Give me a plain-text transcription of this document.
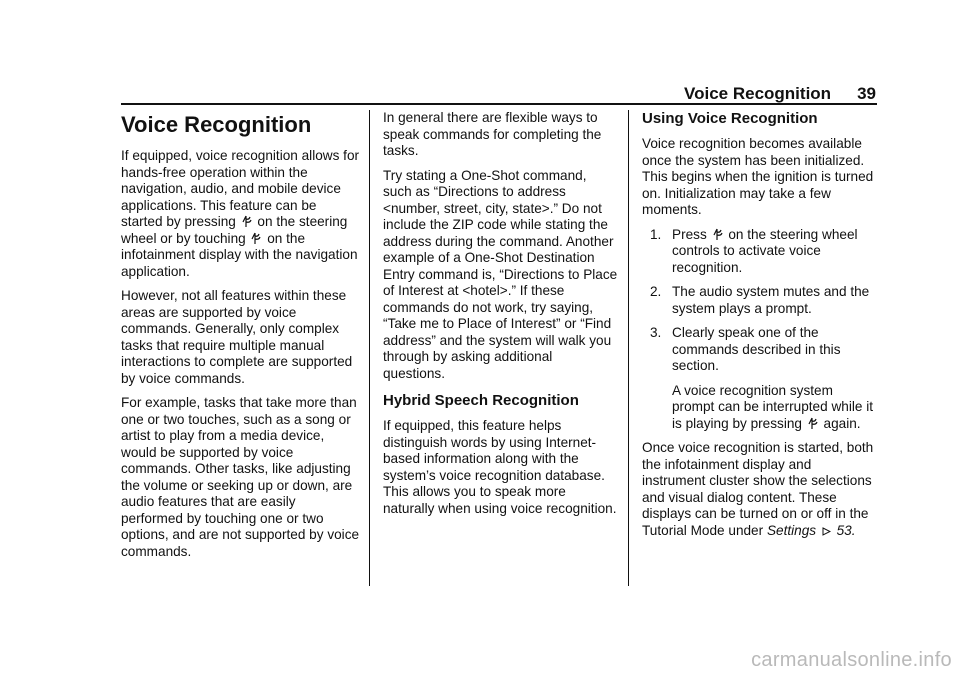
Voice Recognition 39
Voice Recognition

If equipped, voice recognition allows for hands-free operation within the navigation, audio, and mobile device applications. This feature can be started by pressing on the steering wheel or by touching on the infotainment display with the navigation application.

However, not all features within these areas are supported by voice commands. Generally, only complex tasks that require multiple manual interactions to complete are supported by voice commands.

For example, tasks that take more than one or two touches, such as a song or artist to play from a media device, would be supported by voice commands. Other tasks, like adjusting the volume or seeking up or down, are audio features that are easily performed by touching one or two options, and are not supported by voice commands.

In general there are flexible ways to speak commands for completing the tasks.

Try stating a One-Shot command, such as “Directions to address <number, street, city, state>.” Do not include the ZIP code while stating the address during the command. Another example of a One-Shot Destination Entry command is, “Directions to Place of Interest at <hotel>.” If these commands do not work, try saying, “Take me to Place of Interest” or “Find address” and the system will walk you through by asking additional questions.

Hybrid Speech Recognition

If equipped, this feature helps distinguish words by using Internet-based information along with the system’s voice recognition database. This allows you to speak more naturally when using voice recognition.

Using Voice Recognition

Voice recognition becomes available once the system has been initialized. This begins when the ignition is turned on. Initialization may take a few moments.

1. Press on the steering wheel controls to activate voice recognition.
2. The audio system mutes and the system plays a prompt.
3. Clearly speak one of the commands described in this section.
A voice recognition system prompt can be interrupted while it is playing by pressing again.

Once voice recognition is started, both the infotainment display and instrument cluster show the selections and visual dialog content. These displays can be turned on or off in the Tutorial Mode under Settings 53.

carmanualsonline.info
